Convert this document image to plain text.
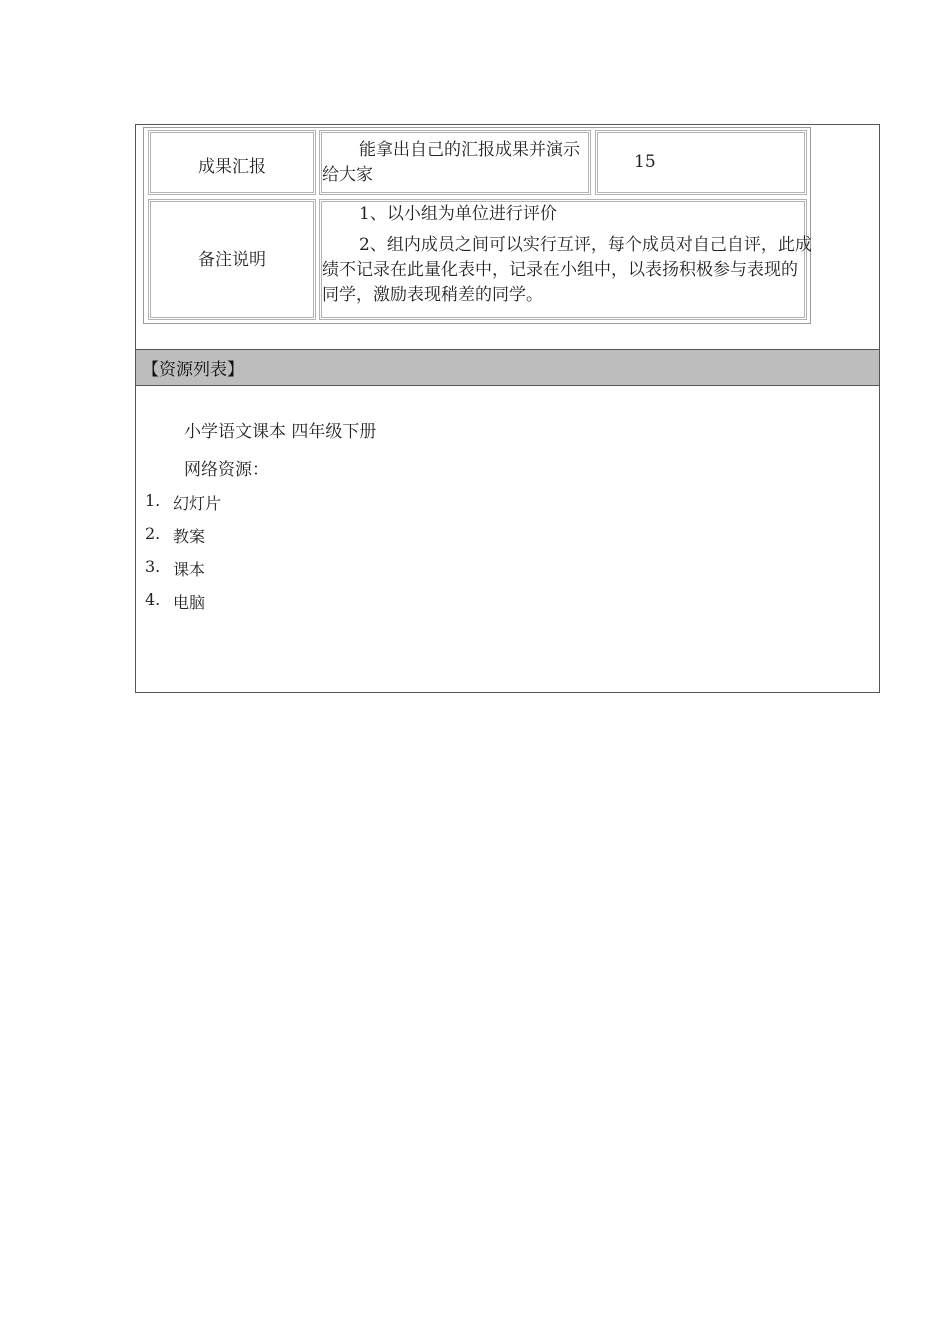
成果汇报
能拿出自己的汇报成果并演示给大家
15
备注说明

1、以小组为单位进行评价

2、组内成员之间可以实行互评，每个成员对自己自评，此成绩不记录在此量化表中，记录在小组中，以表扬积极参与表现的同学，激励表现稍差的同学。

【资源列表】
小学语文课本 四年级下册
网络资源：
1. 幻灯片
2. 教案
3. 课本
4. 电脑
